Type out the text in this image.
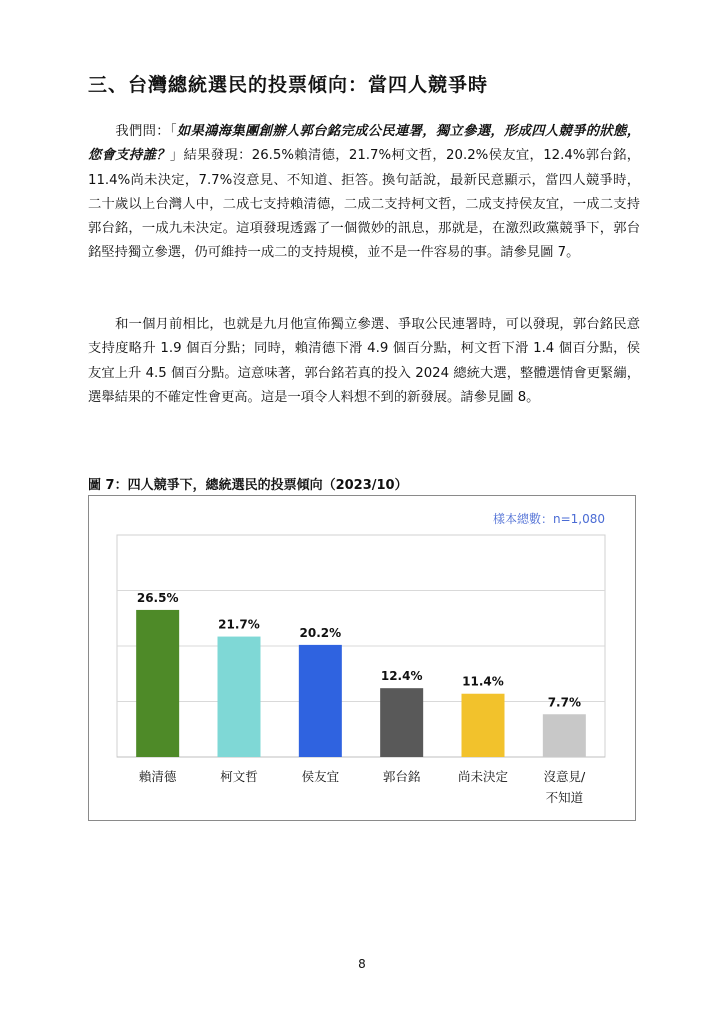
三、台灣總統選民的投票傾向：當四人競爭時
我們問：「如果鴻海集團創辦人郭台銘完成公民連署，獨立參選，形成四人競爭的狀態，您會支持誰？」結果發現：26.5%賴清德，21.7%柯文哲，20.2%侯友宜，12.4%郭台銘，11.4%尚未決定，7.7%沒意見、不知道、拒答。換句話說，最新民意顯示，當四人競爭時，二十歲以上台灣人中，二成七支持賴清德，二成二支持柯文哲，二成支持侯友宜，一成二支持郭台銘，一成九未決定。這項發現透露了一個微妙的訊息，那就是，在激烈政黨競爭下，郭台銘堅持獨立參選，仍可維持一成二的支持規模，並不是一件容易的事。請參見圖 7。
和一個月前相比，也就是九月他宣佈獨立參選、爭取公民連署時，可以發現，郭台銘民意支持度略升 1.9 個百分點；同時，賴清德下滑 4.9 個百分點，柯文哲下滑 1.4 個百分點，侯友宜上升 4.5 個百分點。這意味著，郭台銘若真的投入 2024 總統大選，整體選情會更緊繃，選舉結果的不確定性會更高。這是一項令人料想不到的新發展。請參見圖 8。
圖 7：四人競爭下，總統選民的投票傾向（2023/10）
樣本總數：n=1,080
26.5%
賴清德
21.7%
柯文哲
20.2%
侯友宜
12.4%
郭台銘
11.4%
尚未決定
7.7%
沒意見/
不知道
8
